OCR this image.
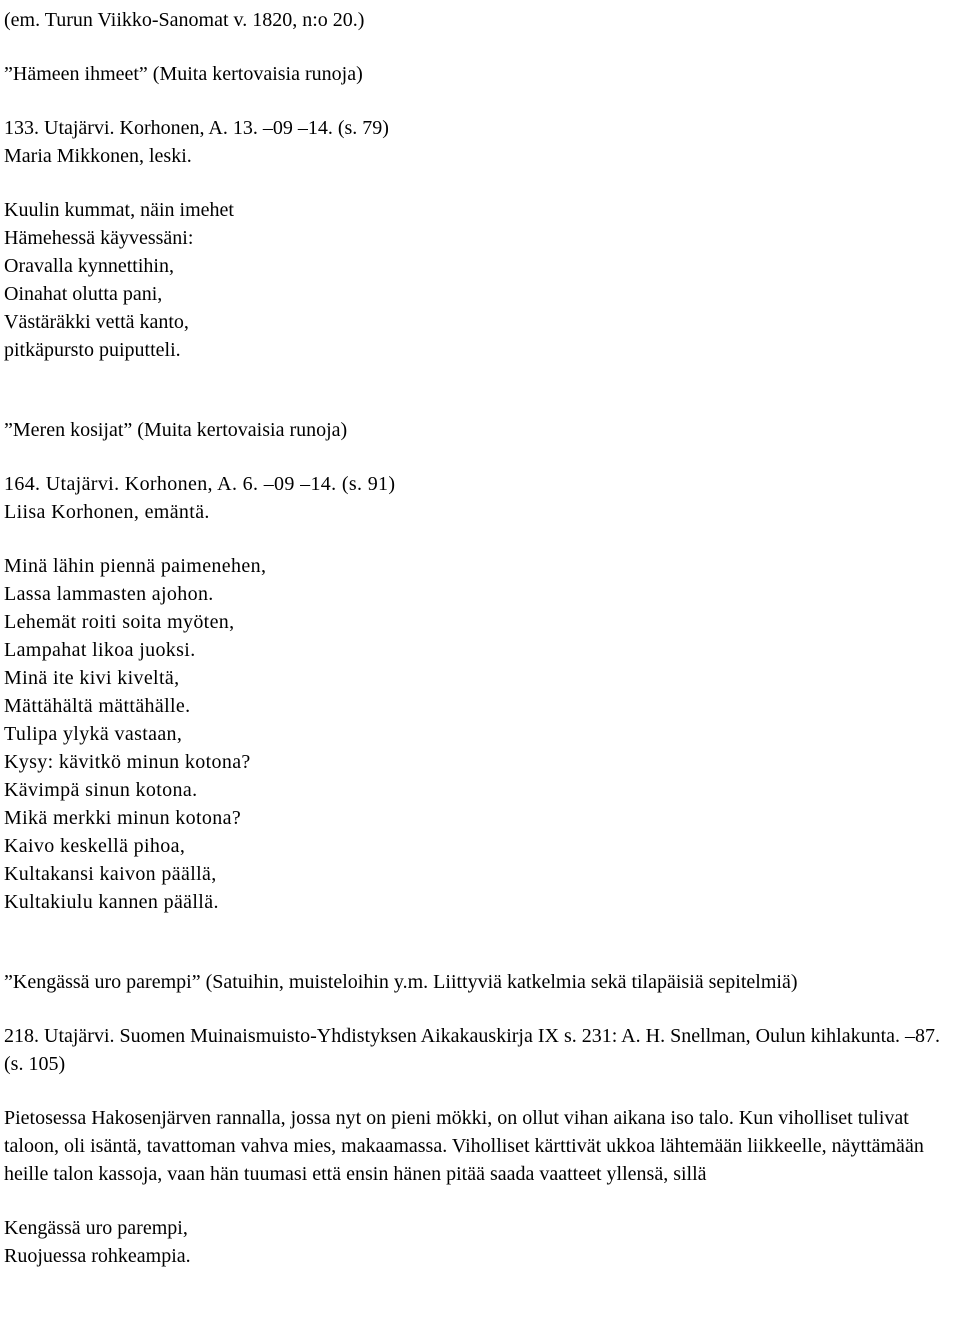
(em. Turun Viikko-Sanomat v. 1820, n:o 20.)
”Hämeen ihmeet” (Muita kertovaisia runoja)
133. Utajärvi. Korhonen, A. 13. –09 –14. (s. 79)
Maria Mikkonen, leski.
Kuulin kummat, näin imehet
Hämehessä käyvessäni:
Oravalla kynnettihin,
Oinahat olutta pani,
Västäräkki vettä kanto,
pitkäpursto puiputteli.
”Meren kosijat” (Muita kertovaisia runoja)
164. Utajärvi. Korhonen, A. 6. –09 –14. (s. 91)
Liisa Korhonen, emäntä.
Minä lähin piennä paimenehen,
Lassa lammasten ajohon.
Lehemät roiti soita myöten,
Lampahat likoa juoksi.
Minä ite kivi kiveltä,
Mättähältä mättähälle.
Tulipa ylykä vastaan,
Kysy: kävitkö minun kotona?
Kävimpä sinun kotona.
Mikä merkki minun kotona?
Kaivo keskellä pihoa,
Kultakansi kaivon päällä,
Kultakiulu kannen päällä.
”Kengässä uro parempi” (Satuihin, muisteloihin y.m. Liittyviä katkelmia sekä tilapäisiä sepitelmiä)
218. Utajärvi. Suomen Muinaismuisto-Yhdistyksen Aikakauskirja IX s. 231: A. H. Snellman, Oulun kihlakunta. –87. (s. 105)
Pietosessa Hakosenjärven rannalla, jossa nyt on pieni mökki, on ollut vihan aikana iso talo. Kun viholliset tulivat taloon, oli isäntä, tavattoman vahva mies, makaamassa. Viholliset kärttivät ukkoa lähtemään liikkeelle, näyttämään heille talon kassoja, vaan hän tuumasi että ensin hänen pitää saada vaatteet yllensä, sillä
Kengässä uro parempi,
Ruojuessa rohkeampia.
